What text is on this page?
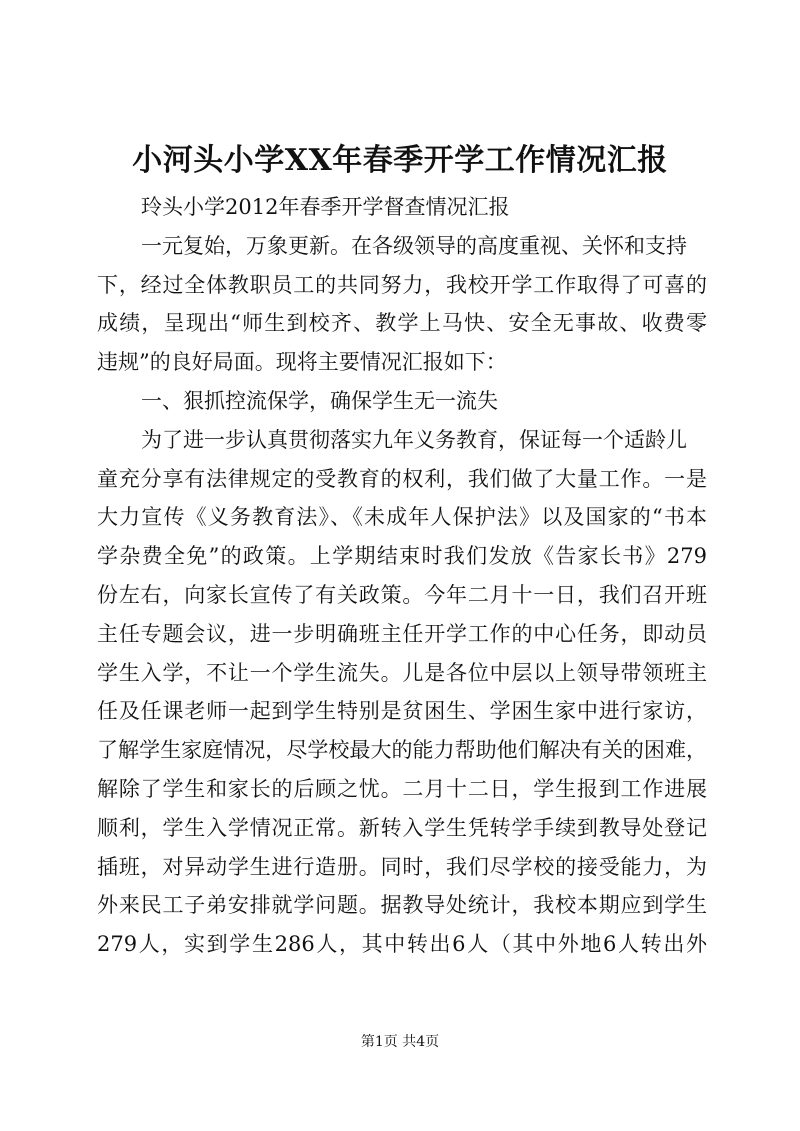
小河头小学XX年春季开学工作情况汇报
玲头小学2012年春季开学督查情况汇报
一元复始，万象更新。在各级领导的高度重视、关怀和支持
下，经过全体教职员工的共同努力，我校开学工作取得了可喜的
成绩，呈现出“师生到校齐、教学上马快、安全无事故、收费零
违规”的良好局面。现将主要情况汇报如下：
一、狠抓控流保学，确保学生无一流失
为了进一步认真贯彻落实九年义务教育，保证每一个适龄儿
童充分享有法律规定的受教育的权利，我们做了大量工作。一是
大力宣传《义务教育法》、《未成年人保护法》以及国家的“书本
学杂费全免”的政策。上学期结束时我们发放《告家长书》279
份左右，向家长宣传了有关政策。今年二月十一日，我们召开班
主任专题会议，进一步明确班主任开学工作的中心任务，即动员
学生入学，不让一个学生流失。儿是各位中层以上领导带领班主
任及任课老师一起到学生特别是贫困生、学困生家中进行家访，
了解学生家庭情况，尽学校最大的能力帮助他们解决有关的困难，
解除了学生和家长的后顾之忧。二月十二日，学生报到工作进展
顺利，学生入学情况正常。新转入学生凭转学手续到教导处登记
插班，对异动学生进行造册。同时，我们尽学校的接受能力，为
外来民工子弟安排就学问题。据教导处统计，我校本期应到学生
279人，实到学生286人，其中转出6人（其中外地6人转出外
第1页 共4页
